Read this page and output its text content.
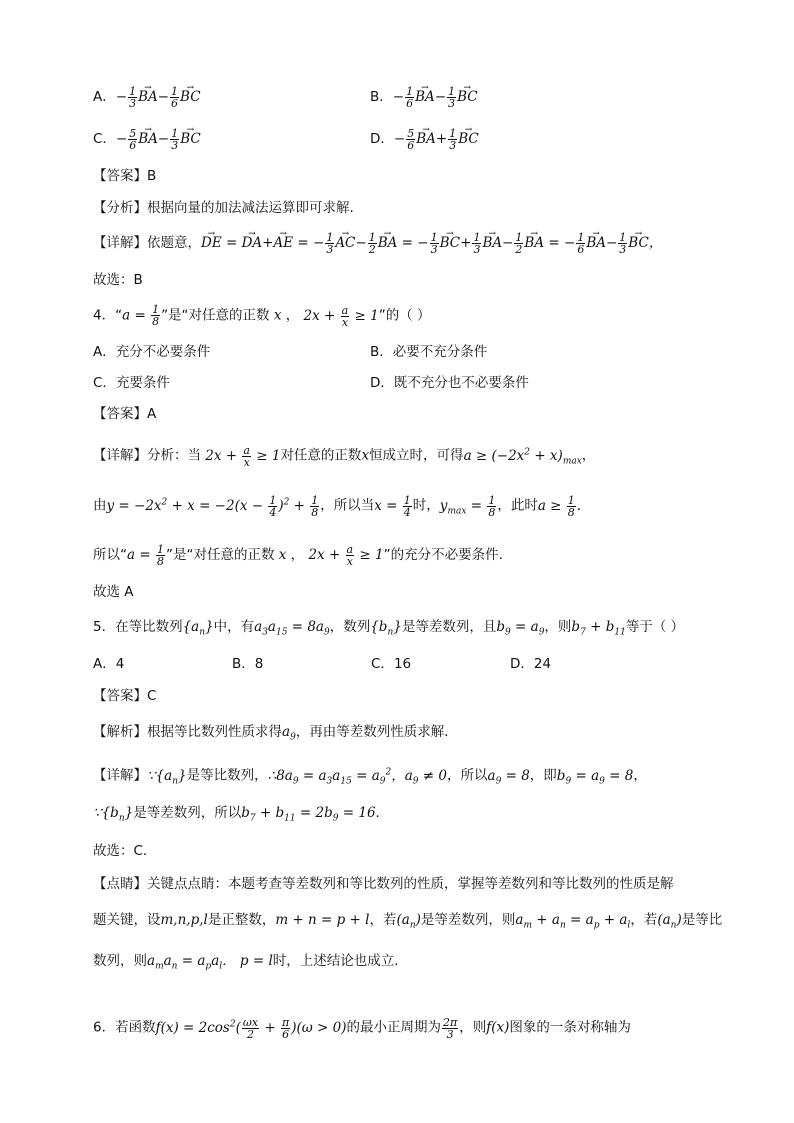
A．− $\frac{1}{3}$
→ $BA- \frac{1}{6}$
→ BC	B．− $\frac{1}{6}$
→ $BA- \frac{1}{3}$
→ BC
C．− $\frac{5}{6}$
→ $BA- \frac{1}{3}$
→ BC	D．− $\frac{5}{6}$
→ $BA+ \frac{1}{3}$
→ BC
【答案】B
【分析】根据向量的加法减法运算即可求解.
【详解】依题意，→ DE = → DA+→ AE = − $\frac{1}{3}$
→ $AC- \frac{1}{2}$
→ BA = − $\frac{1}{3}$
→ $BC+ \frac{1}{3}$
→ $BA- \frac{1}{2}$
→ BA = − $\frac{1}{6}$
→ $BA- \frac{1}{3}$
→ BC，
故选：B
4．“$a = \frac{1}{8}$ ”是“对任意的正数 x ， $2x + \frac{a}{x} \ge 1$”的（ ）
A．充分不必要条件	B．必要不充分条件
C．充要条件	D．既不充分也不必要条件
【答案】A
【详解】分析：当 $2x + \frac{a}{x} \ge 1$对任意的正数x恒成立时，可得$a \ge (-2x^2 + x)_{max}$，
由$y = -2x^2 + x = -2(x - \frac{1}{4} )^2 + \frac{1}{8}$ ，所以当$x = \frac{1}{4}$ 时，$y_{max} = \frac{1}{8}$ ，此时$a \ge \frac{1}{8}$ .
所以“$a = \frac{1}{8}$ ”是“对任意的正数 x ， $2x + \frac{a}{x} \ge 1$”的充分不必要条件.
故选 A
5．在等比数列$\{a_n\}$中，有$a_3a_{15} = 8a_9$，数列$\{b_n\}$是等差数列，且$b_9 = a_9$，则$b_7 + b_{11}$等于（ ）
A．4	B．8	C．16	D．24
【答案】C
【解析】根据等比数列性质求得$a_9$，再由等差数列性质求解．
【详解】$\because\{a_n\}$是等比数列，$\therefore 8a_9 = a_3a_{15} = a_9^2$，$a_9 \ne 0$，所以$a_9 = 8$，即$b_9 = a_9 = 8$，
$\because\{b_n\}$是等差数列，所以$b_7 + b_{11} = 2b_9 = 16$．
故选：C．
【点睛】关键点点睛：本题考查等差数列和等比数列的性质，掌握等差数列和等比数列的性质是解
题关键，设m,n,p,l是正整数，m + n = p + l，若$(a_n)$是等差数列，则$a_m + a_n = a_p + a_l$，若$(a_n)$是等比
数列，则$a_ma_n = a_pa_l$． p = l时，上述结论也成立．
6．若函数$f(x) = 2\cos^2( \frac{\omega x}{2} + \frac{\pi}{6} )(\omega > 0)$的最小正周期为 $\frac{2\pi}{3}$ ，则f(x)图象的一条对称轴为
